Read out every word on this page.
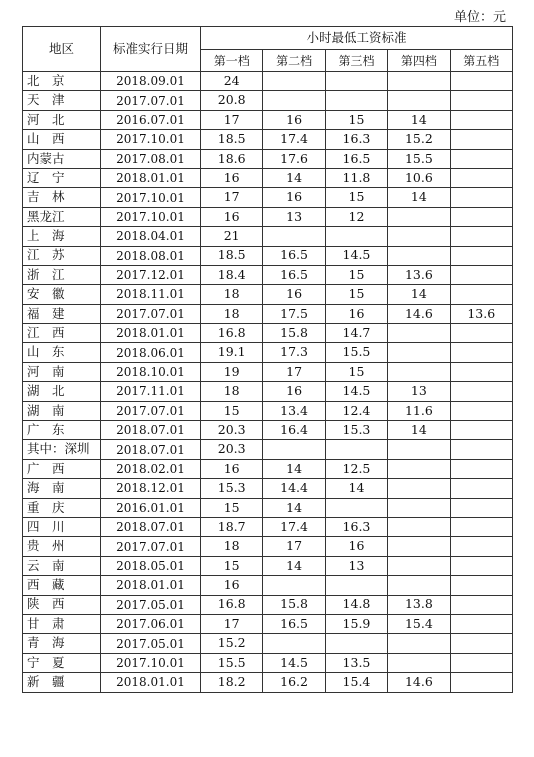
单位：元
地区	标准实行日期	小时最低工资标准				
		第一档	第二档	第三档	第四档	第五档
北　京	2018.09.01	24				
天　津	2017.07.01	20.8				
河　北	2016.07.01	17	16	15	14	
山　西	2017.10.01	18.5	17.4	16.3	15.2	
内蒙古	2017.08.01	18.6	17.6	16.5	15.5	
辽　宁	2018.01.01	16	14	11.8	10.6	
吉　林	2017.10.01	17	16	15	14	
黑龙江	2017.10.01	16	13	12		
上　海	2018.04.01	21				
江　苏	2018.08.01	18.5	16.5	14.5		
浙　江	2017.12.01	18.4	16.5	15	13.6	
安　徽	2018.11.01	18	16	15	14	
福　建	2017.07.01	18	17.5	16	14.6	13.6
江　西	2018.01.01	16.8	15.8	14.7		
山　东	2018.06.01	19.1	17.3	15.5		
河　南	2018.10.01	19	17	15		
湖　北	2017.11.01	18	16	14.5	13	
湖　南	2017.07.01	15	13.4	12.4	11.6	
广　东	2018.07.01	20.3	16.4	15.3	14	
其中：深圳	2018.07.01	20.3				
广　西	2018.02.01	16	14	12.5		
海　南	2018.12.01	15.3	14.4	14		
重　庆	2016.01.01	15	14			
四　川	2018.07.01	18.7	17.4	16.3		
贵　州	2017.07.01	18	17	16		
云　南	2018.05.01	15	14	13		
西　藏	2018.01.01	16				
陕　西	2017.05.01	16.8	15.8	14.8	13.8	
甘　肃	2017.06.01	17	16.5	15.9	15.4	
青　海	2017.05.01	15.2				
宁　夏	2017.10.01	15.5	14.5	13.5		
新　疆	2018.01.01	18.2	16.2	15.4	14.6	
